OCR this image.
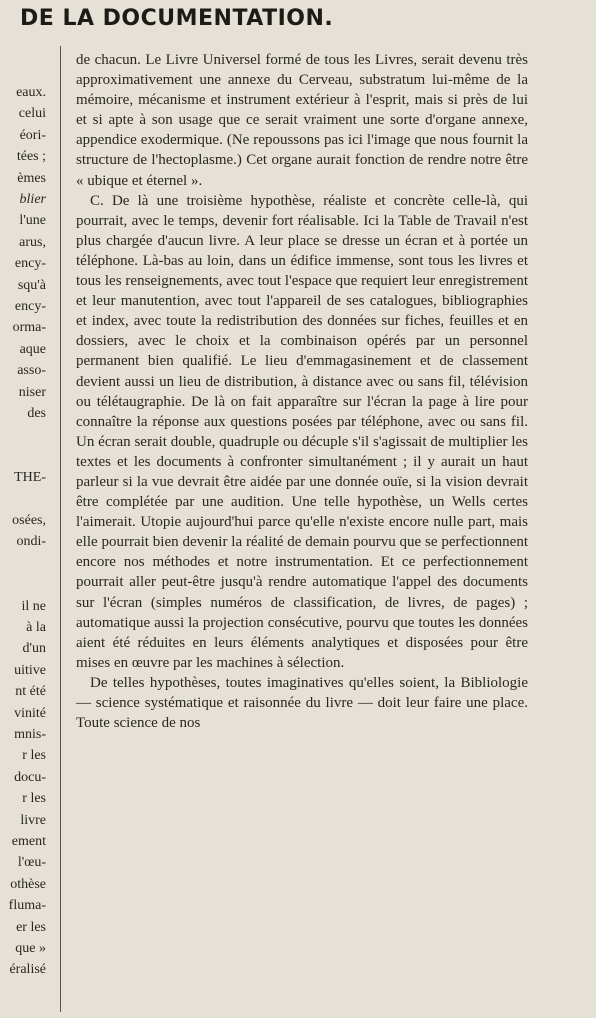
DE LA DOCUMENTATION.
eaux.
celui
éori-
tées ;
èmes
blier
l'une
arus,
ency-
squ'à
ency-
orma-
aque
asso-
niser
des
THE-
osées,
ondi-
il ne
à la
d'un
uitive
nt été
vinité
mnis-
r les
docu-
r les
livre
ement
l'œu-
othèse
fluma-
er les
que »
éralisé

de chacun. Le Livre Universel formé de tous les Livres, serait devenu très approximativement une annexe du Cerveau, substratum lui-même de la mémoire, mécanisme et instrument extérieur à l'esprit, mais si près de lui et si apte à son usage que ce serait vraiment une sorte d'organe annexe, appendice exodermique. (Ne repoussons pas ici l'image que nous fournit la structure de l'hectoplasme.) Cet organe aurait fonction de rendre notre être « ubique et éternel ».

C. De là une troisième hypothèse, réaliste et concrète celle-là, qui pourrait, avec le temps, devenir fort réalisable. Ici la Table de Travail n'est plus chargée d'aucun livre. A leur place se dresse un écran et à portée un téléphone. Là-bas au loin, dans un édifice immense, sont tous les livres et tous les renseignements, avec tout l'espace que requiert leur enregistrement et leur manutention, avec tout l'appareil de ses catalogues, bibliographies et index, avec toute la redistribution des données sur fiches, feuilles et en dossiers, avec le choix et la combinaison opérés par un personnel permanent bien qualifié. Le lieu d'emmagasinement et de classement devient aussi un lieu de distribution, à distance avec ou sans fil, télévision ou télétaugraphie. De là on fait apparaître sur l'écran la page à lire pour connaître la réponse aux questions posées par téléphone, avec ou sans fil. Un écran serait double, quadruple ou décuple s'il s'agissait de multiplier les textes et les documents à confronter simultanément ; il y aurait un haut parleur si la vue devrait être aidée par une donnée ouïe, si la vision devrait être complétée par une audition. Une telle hypothèse, un Wells certes l'aimerait. Utopie aujourd'hui parce qu'elle n'existe encore nulle part, mais elle pourrait bien devenir la réalité de demain pourvu que se perfectionnent encore nos méthodes et notre instrumentation. Et ce perfectionnement pourrait aller peut-être jusqu'à rendre automatique l'appel des documents sur l'écran (simples numéros de classification, de livres, de pages) ; automatique aussi la projection consécutive, pourvu que toutes les données aient été réduites en leurs éléments analytiques et disposées pour être mises en œuvre par les machines à sélection.

De telles hypothèses, toutes imaginatives qu'elles soient, la Bibliologie — science systématique et raisonnée du livre — doit leur faire une place. Toute science de nos
